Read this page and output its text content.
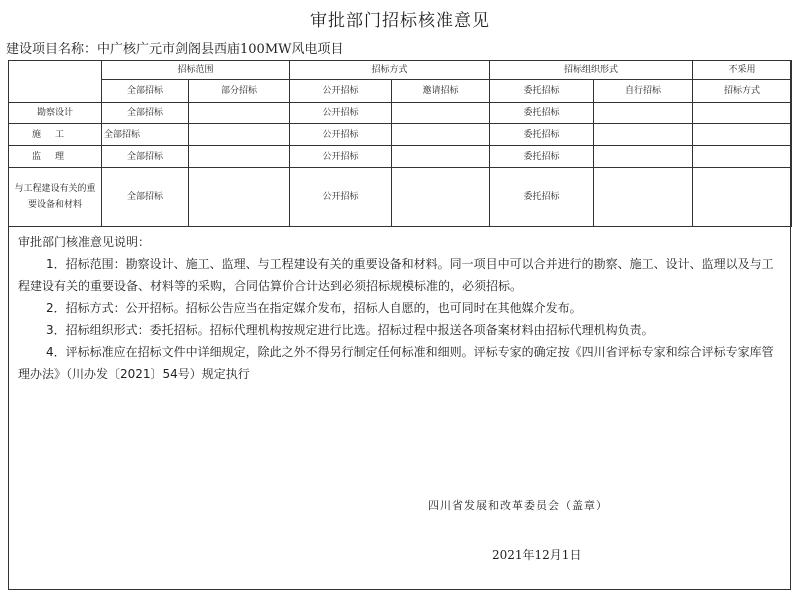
审批部门招标核准意见
建设项目名称：中广核广元市剑阁县西庙100MW风电项目
	招标范围		招标方式		招标组织形式		不采用
	全部招标	部分招标	公开招标	邀请招标	委托招标	自行招标	招标方式
勘察设计	全部招标		公开招标		委托招标		
施工	全部招标		公开招标		委托招标		
监理	全部招标		公开招标		委托招标		
与工程建设有关的重要设备和材料	全部招标		公开招标		委托招标		
审批部门核准意见说明：
1．招标范围：勘察设计、施工、监理、与工程建设有关的重要设备和材料。同一项目中可以合并进行的勘察、施工、设计、监理以及与工程建设有关的重要设备、材料等的采购，合同估算价合计达到必须招标规模标准的，必须招标。
2．招标方式：公开招标。招标公告应当在指定媒介发布，招标人自愿的，也可同时在其他媒介发布。
3．招标组织形式：委托招标。招标代理机构按规定进行比选。招标过程中报送各项备案材料由招标代理机构负责。
4．评标标准应在招标文件中详细规定，除此之外不得另行制定任何标准和细则。评标专家的确定按《四川省评标专家和综合评标专家库管理办法》（川办发〔2021〕54号）规定执行
四川省发展和改革委员会（盖章）
2021年12月1日
